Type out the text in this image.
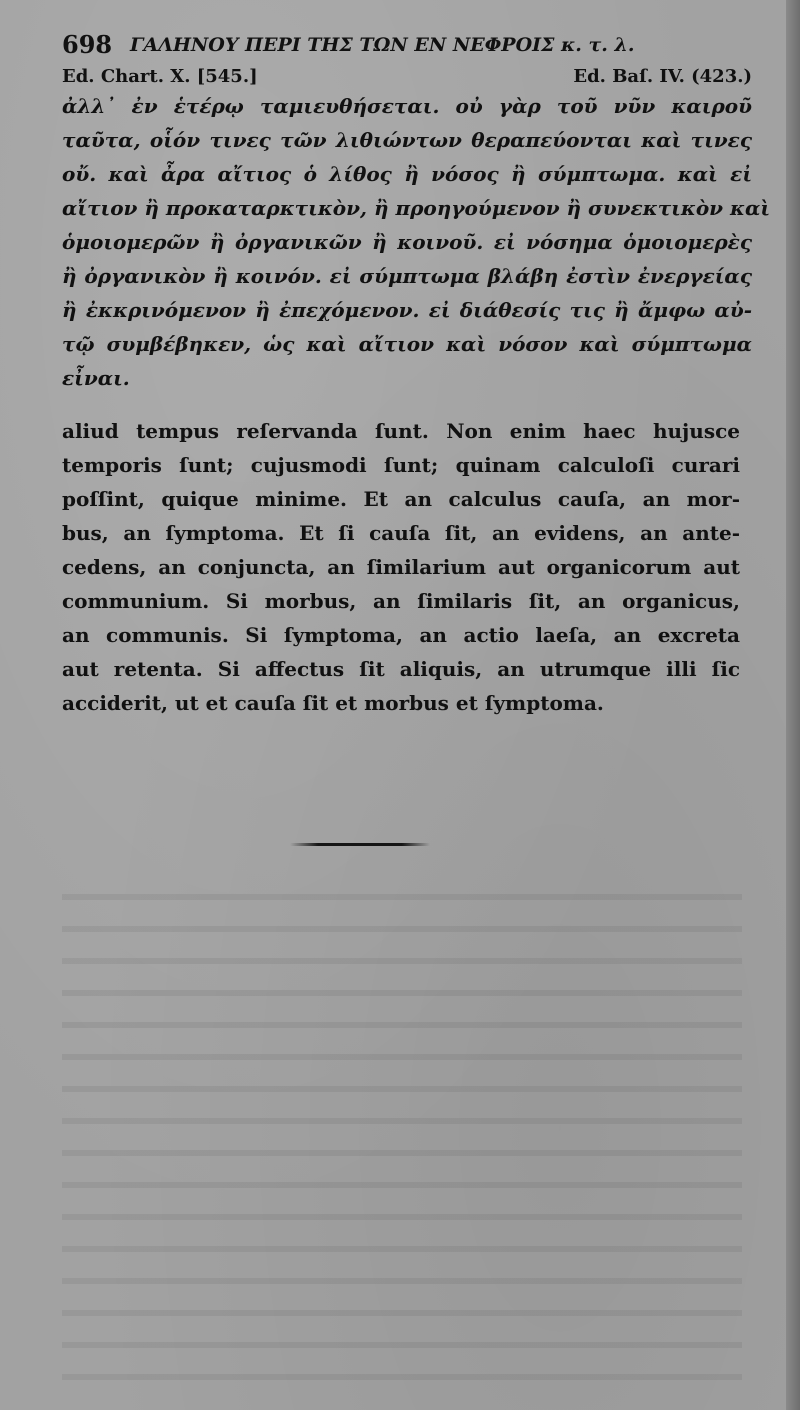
698 ΓΑΛΗΝΟΥ ΠΕΡΙ ΤΗΣ ΤΩΝ ΕΝ ΝΕΦΡΟΙΣ κ. τ. λ.
Ed. Chart. X. [545.]	Ed. Baſ. IV. (423.)
ἀλλ᾽ ἐν ἑτέρῳ ταμιευθήσεται. οὐ γὰρ τοῦ νῦν καιροῦ
ταῦτα, οἷόν τινες τῶν λιθιώντων θεραπεύονται καὶ τινες
οὔ. καὶ ἆρα αἴτιος ὁ λίθος ἢ νόσος ἢ σύμπτωμα. καὶ εἰ
αἴτιον ἢ προκαταρκτικὸν, ἢ προηγούμενον ἢ συνεκτικὸν καὶ
ὁμοιομερῶν ἢ ὀργανικῶν ἢ κοινοῦ. εἰ νόσημα ὁμοιομερὲς
ἢ ὀργανικὸν ἢ κοινόν. εἰ σύμπτωμα βλάβη ἐστὶν ἐνεργείας
ἢ ἐκκρινόμενον ἢ ἐπεχόμενον. εἰ διάθεσίς τις ἢ ἄμφω αὐ-
τῷ συμβέβηκεν, ὡς καὶ αἴτιον καὶ νόσον καὶ σύμπτωμα
εἶναι.
aliud tempus reſervanda ſunt. Non enim haec hujusce
temporis ſunt; cujusmodi ſunt; quinam calculoſi curari
poſſint, quique minime. Et an calculus cauſa, an mor-
bus, an ſymptoma. Et ſi cauſa ſit, an evidens, an ante-
cedens, an conjuncta, an ſimilarium aut organicorum aut
communium. Si morbus, an ſimilaris ſit, an organicus,
an communis. Si ſymptoma, an actio laeſa, an excreta
aut retenta. Si affectus ſit aliquis, an utrumque illi ſic
acciderit, ut et cauſa ſit et morbus et ſymptoma.
